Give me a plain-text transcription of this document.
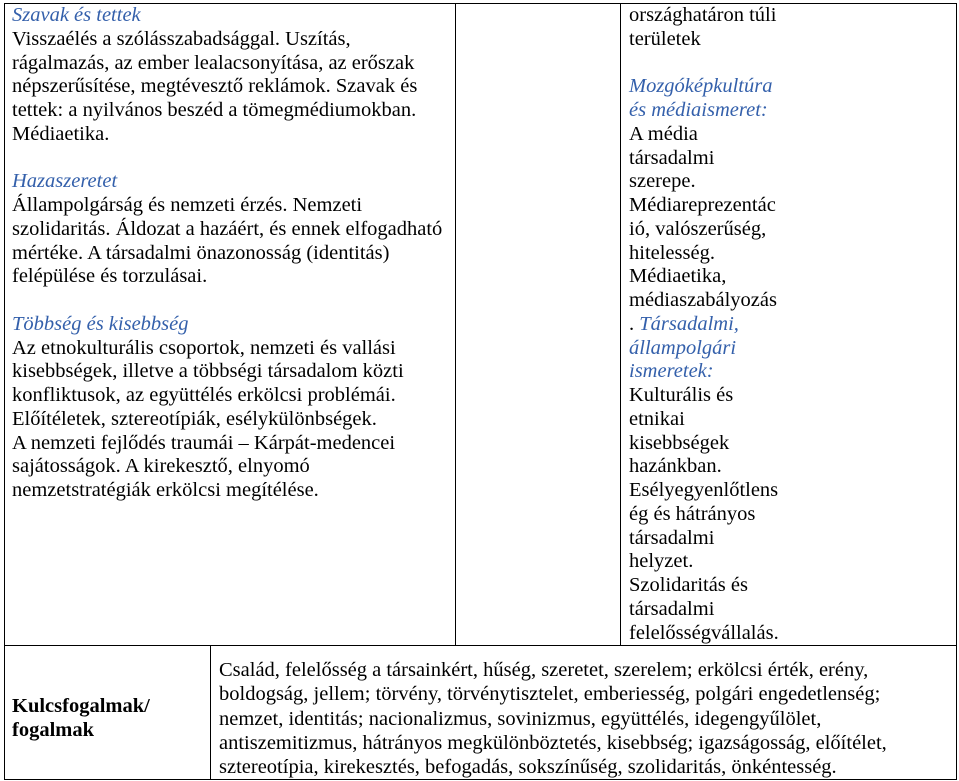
Szavak és tettek
Visszaélés a szólásszabadsággal. Uszítás,
rágalmazás, az ember lealacsonyítása, az erőszak
népszerűsítése, megtévesztő reklámok. Szavak és
tettek: a nyilvános beszéd a tömegmédiumokban.
Médiaetika.
Hazaszeretet
Állampolgárság és nemzeti érzés. Nemzeti
szolidaritás. Áldozat a hazáért, és ennek elfogadható
mértéke. A társadalmi önazonosság (identitás)
felépülése és torzulásai.
Többség és kisebbség
Az etnokulturális csoportok, nemzeti és vallási
kisebbségek, illetve a többségi társadalom közti
konfliktusok, az együttélés erkölcsi problémái.
Előítéletek, sztereotípiák, esélykülönbségek.
A nemzeti fejlődés traumái – Kárpát-medencei
sajátosságok. A kirekesztő, elnyomó
nemzetstratégiák erkölcsi megítélése.
országhatáron túli
területek
Mozgóképkultúra
és médiaismeret:
A média
társadalmi
szerepe.
Médiareprezentác
ió, valószerűség,
hitelesség.
Médiaetika,
médiaszabályozás
. Társadalmi,
állampolgári
ismeretek:
Kulturális és
etnikai
kisebbségek
hazánkban.
Esélyegyenlőtlens
ég és hátrányos
társadalmi
helyzet.
Szolidaritás és
társadalmi
felelősségvállalás.
Kulcsfogalmak/
fogalmak
Család, felelősség a társainkért, hűség, szeretet, szerelem; erkölcsi érték, erény,
boldogság, jellem; törvény, törvénytisztelet, emberiesség, polgári engedetlenség;
nemzet, identitás; nacionalizmus, sovinizmus, együttélés, idegengyűlölet,
antiszemitizmus, hátrányos megkülönböztetés, kisebbség; igazságosság, előítélet,
sztereotípia, kirekesztés, befogadás, sokszínűség, szolidaritás, önkéntesség.
